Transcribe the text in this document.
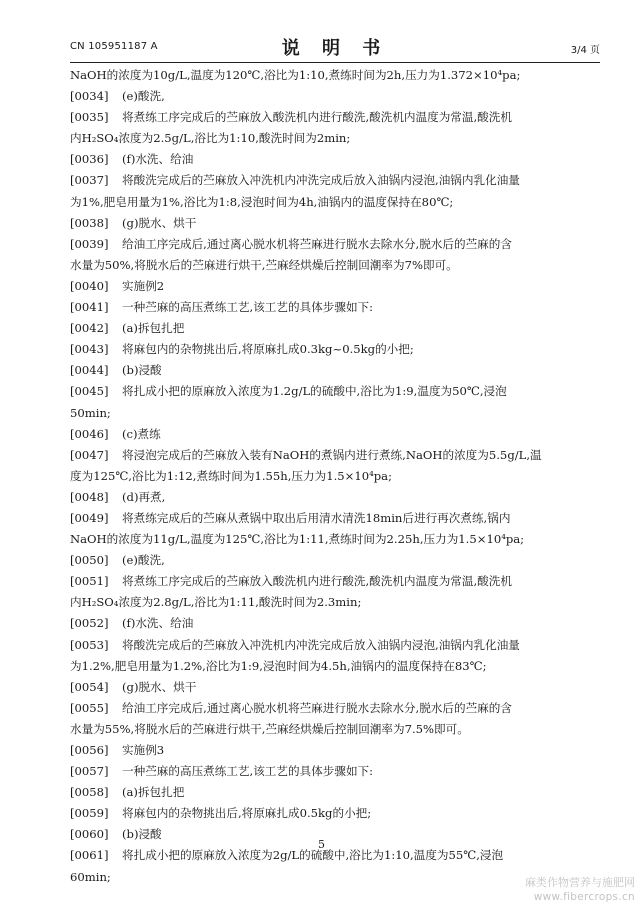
CN 105951187 A	说 明 书	3/4 页
NaOH的浓度为10g/L,温度为120℃,浴比为1:10,煮练时间为2h,压力为1.372×10⁴pa;
[0034] (e)酸洗,
[0035] 将煮练工序完成后的苎麻放入酸洗机内进行酸洗,酸洗机内温度为常温,酸洗机
内H₂SO₄浓度为2.5g/L,浴比为1:10,酸洗时间为2min;
[0036] (f)水洗、给油
[0037] 将酸洗完成后的苎麻放入冲洗机内冲洗完成后放入油锅内浸泡,油锅内乳化油量
为1%,肥皂用量为1%,浴比为1:8,浸泡时间为4h,油锅内的温度保持在80℃;
[0038] (g)脱水、烘干
[0039] 给油工序完成后,通过离心脱水机将苎麻进行脱水去除水分,脱水后的苎麻的含
水量为50%,将脱水后的苎麻进行烘干,苎麻经烘燥后控制回潮率为7%即可。
[0040] 实施例2
[0041] 一种苎麻的高压煮练工艺,该工艺的具体步骤如下:
[0042] (a)拆包扎把
[0043] 将麻包内的杂物挑出后,将原麻扎成0.3kg~0.5kg的小把;
[0044] (b)浸酸
[0045] 将扎成小把的原麻放入浓度为1.2g/L的硫酸中,浴比为1:9,温度为50℃,浸泡
50min;
[0046] (c)煮练
[0047] 将浸泡完成后的苎麻放入装有NaOH的煮锅内进行煮练,NaOH的浓度为5.5g/L,温
度为125℃,浴比为1:12,煮练时间为1.55h,压力为1.5×10⁴pa;
[0048] (d)再煮,
[0049] 将煮练完成后的苎麻从煮锅中取出后用清水清洗18min后进行再次煮练,锅内
NaOH的浓度为11g/L,温度为125℃,浴比为1:11,煮练时间为2.25h,压力为1.5×10⁴pa;
[0050] (e)酸洗,
[0051] 将煮练工序完成后的苎麻放入酸洗机内进行酸洗,酸洗机内温度为常温,酸洗机
内H₂SO₄浓度为2.8g/L,浴比为1:11,酸洗时间为2.3min;
[0052] (f)水洗、给油
[0053] 将酸洗完成后的苎麻放入冲洗机内冲洗完成后放入油锅内浸泡,油锅内乳化油量
为1.2%,肥皂用量为1.2%,浴比为1:9,浸泡时间为4.5h,油锅内的温度保持在83℃;
[0054] (g)脱水、烘干
[0055] 给油工序完成后,通过离心脱水机将苎麻进行脱水去除水分,脱水后的苎麻的含
水量为55%,将脱水后的苎麻进行烘干,苎麻经烘燥后控制回潮率为7.5%即可。
[0056] 实施例3
[0057] 一种苎麻的高压煮练工艺,该工艺的具体步骤如下:
[0058] (a)拆包扎把
[0059] 将麻包内的杂物挑出后,将原麻扎成0.5kg的小把;
[0060] (b)浸酸
[0061] 将扎成小把的原麻放入浓度为2g/L的硫酸中,浴比为1:10,温度为55℃,浸泡
60min;
5
麻类作物营养与施肥网
www.fibercrops.cn
